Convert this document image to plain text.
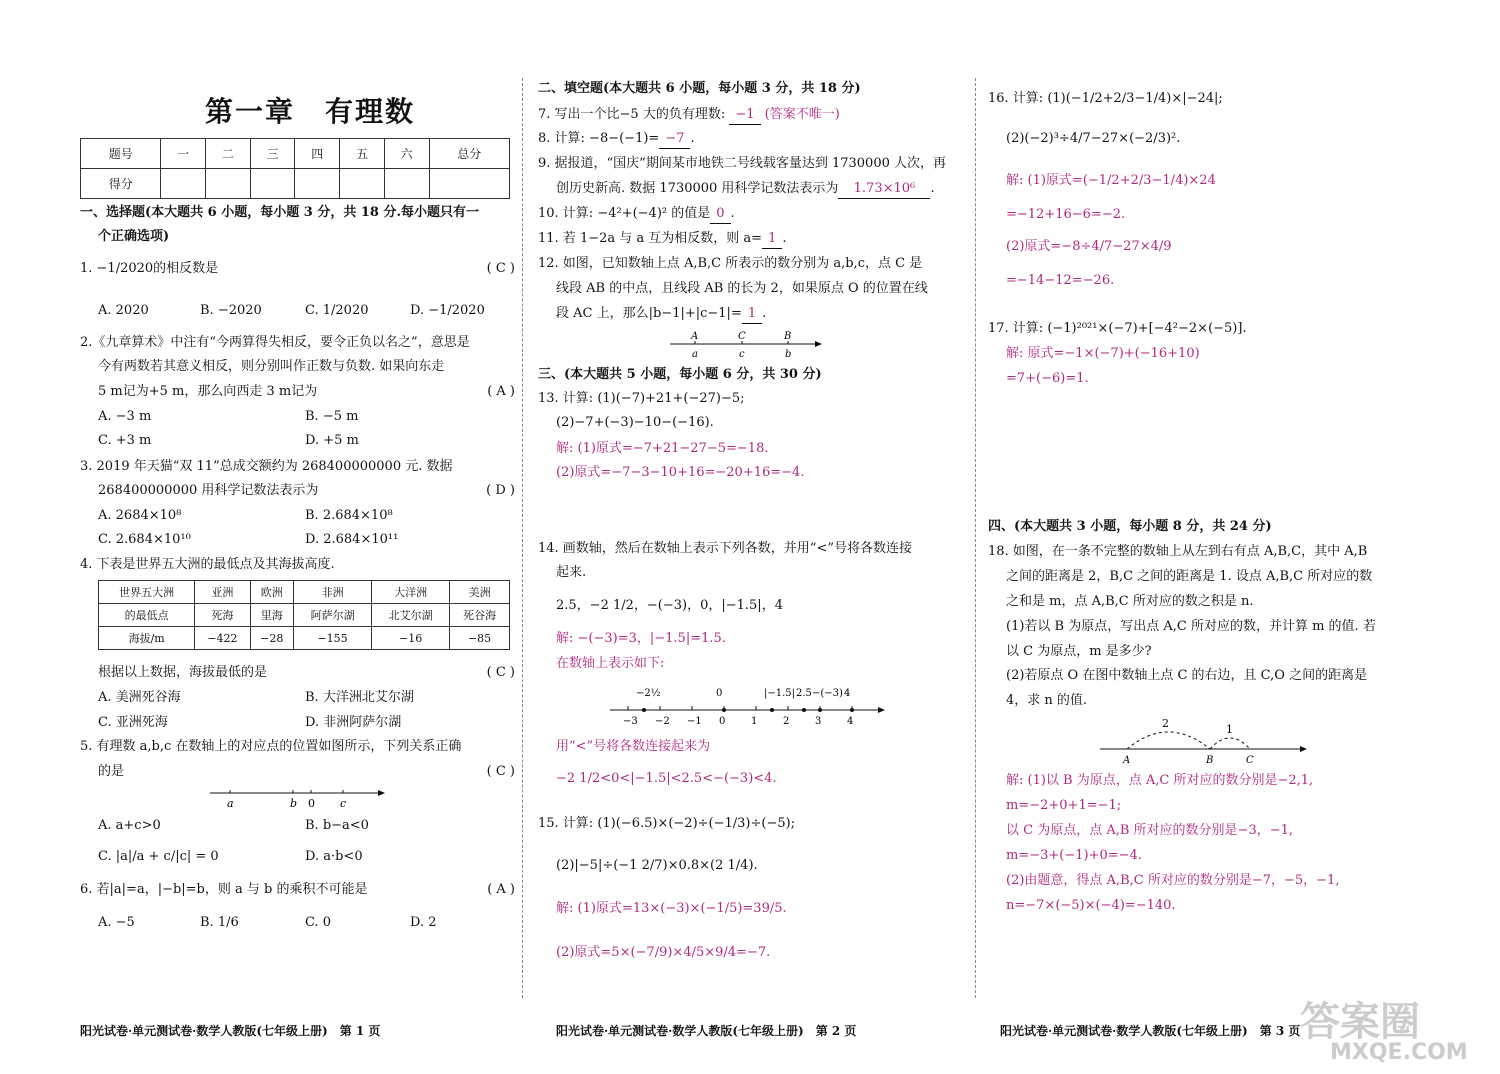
第一章　有理数
题号	一	二	三	四	五	六	总分
得分							
一、选择题(本大题共 6 小题，每小题 3 分，共 18 分.每小题只有一
个正确选项)
1. −1/2020的相反数是	( C )
A. 2020	B. −2020	C. 1/2020	D. −1/2020
2.《九章算术》中注有“今两算得失相反，要令正负以名之”，意思是
今有两数若其意义相反，则分别叫作正数与负数. 如果向东走
5 m记为+5 m，那么向西走 3 m记为	( A )
A. −3 m	B. −5 m
C. +3 m	D. +5 m
3. 2019 年天猫“双 11”总成交额约为 268400000000 元. 数据
268400000000 用科学记数法表示为	( D )
A. 2684×10⁸	B. 2.684×10⁸
C. 2.684×10¹⁰	D. 2.684×10¹¹
4. 下表是世界五大洲的最低点及其海拔高度.
世界五大洲	亚洲	欧洲	非洲	大洋洲	美洲
的最低点	死海	里海	阿萨尔湖	北艾尔湖	死谷海
海拔/m	−422	−28	−155	−16	−85
根据以上数据，海拔最低的是	( C )
A. 美洲死谷海	B. 大洋洲北艾尔湖
C. 亚洲死海	D. 非洲阿萨尔湖
5. 有理数 a,b,c 在数轴上的对应点的位置如图所示，下列关系正确
的是	( C )
a	b 0 c
A. a+c>0	B. b−a<0
C. |a|/a + c/|c| = 0	D. a·b<0
6. 若|a|=a，|−b|=b，则 a 与 b 的乘积不可能是	( A )
A. −5	B. 1/6	C. 0	D. 2
阳光试卷·单元测试卷·数学人教版(七年级上册)　第 1 页
二、填空题(本大题共 6 小题，每小题 3 分，共 18 分)
7. 写出一个比−5 大的负有理数: −1 (答案不唯一)
8. 计算: −8−(−1)= −7 .
9. 据报道，“国庆”期间某市地铁二号线载客量达到 1730000 人次，再
创历史新高. 数据 1730000 用科学记数法表示为 1.73×10⁶ .
10. 计算: −4²+(−4)² 的值是 0 .
11. 若 1−2a 与 a 互为相反数，则 a= 1 .
12. 如图，已知数轴上点 A,B,C 所表示的数分别为 a,b,c，点 C 是
线段 AB 的中点，且线段 AB 的长为 2，如果原点 O 的位置在线
段 AC 上，那么|b−1|+|c−1|= 1 .
A	C	B
a	c	b
三、(本大题共 5 小题，每小题 6 分，共 30 分)
13. 计算: (1)(−7)+21+(−27)−5;
(2)−7+(−3)−10−(−16).
解: (1)原式=−7+21−27−5=−18.
(2)原式=−7−3−10+16=−20+16=−4.
14. 画数轴，然后在数轴上表示下列各数，并用“<”号将各数连接
起来.
2.5，−2 1/2，−(−3)，0，|−1.5|，4
解: −(−3)=3，|−1.5|=1.5.
在数轴上表示如下:
−3 −2 −1 0	1	2	3	4
−2½	0	|−1.5| 2.5 −(−3) 4
用“<”号将各数连接起来为
−2 1/2<0<|−1.5|<2.5<−(−3)<4.
15. 计算: (1)(−6.5)×(−2)÷(−1/3)÷(−5);
(2)|−5|÷(−1 2/7)×0.8×(2 1/4).
解: (1)原式=13×(−3)×(−1/5)=39/5.
(2)原式=5×(−7/9)×4/5×9/4=−7.
阳光试卷·单元测试卷·数学人教版(七年级上册)　第 2 页
16. 计算: (1)(−1/2+2/3−1/4)×|−24|;
(2)(−2)³÷4/7−27×(−2/3)².
解: (1)原式=(−1/2+2/3−1/4)×24
=−12+16−6=−2.
(2)原式=−8÷4/7−27×4/9
=−14−12=−26.
17. 计算: (−1)²⁰²¹×(−7)+[−4²−2×(−5)].
解: 原式=−1×(−7)+(−16+10)
=7+(−6)=1.
四、(本大题共 3 小题，每小题 8 分，共 24 分)
18. 如图，在一条不完整的数轴上从左到右有点 A,B,C，其中 A,B
之间的距离是 2，B,C 之间的距离是 1. 设点 A,B,C 所对应的数
之和是 m，点 A,B,C 所对应的数之积是 n.
(1)若以 B 为原点，写出点 A,C 所对应的数，并计算 m 的值. 若
以 C 为原点，m 是多少?
(2)若原点 O 在图中数轴上点 C 的右边，且 C,O 之间的距离是
4，求 n 的值.
2	1
A	B	C
解: (1)以 B 为原点，点 A,C 所对应的数分别是−2,1,
m=−2+0+1=−1;
以 C 为原点，点 A,B 所对应的数分别是−3，−1,
m=−3+(−1)+0=−4.
(2)由题意，得点 A,B,C 所对应的数分别是−7，−5，−1,
n=−7×(−5)×(−4)=−140.
阳光试卷·单元测试卷·数学人教版(七年级上册)　第 3 页 答案圈
MXQE.COM
